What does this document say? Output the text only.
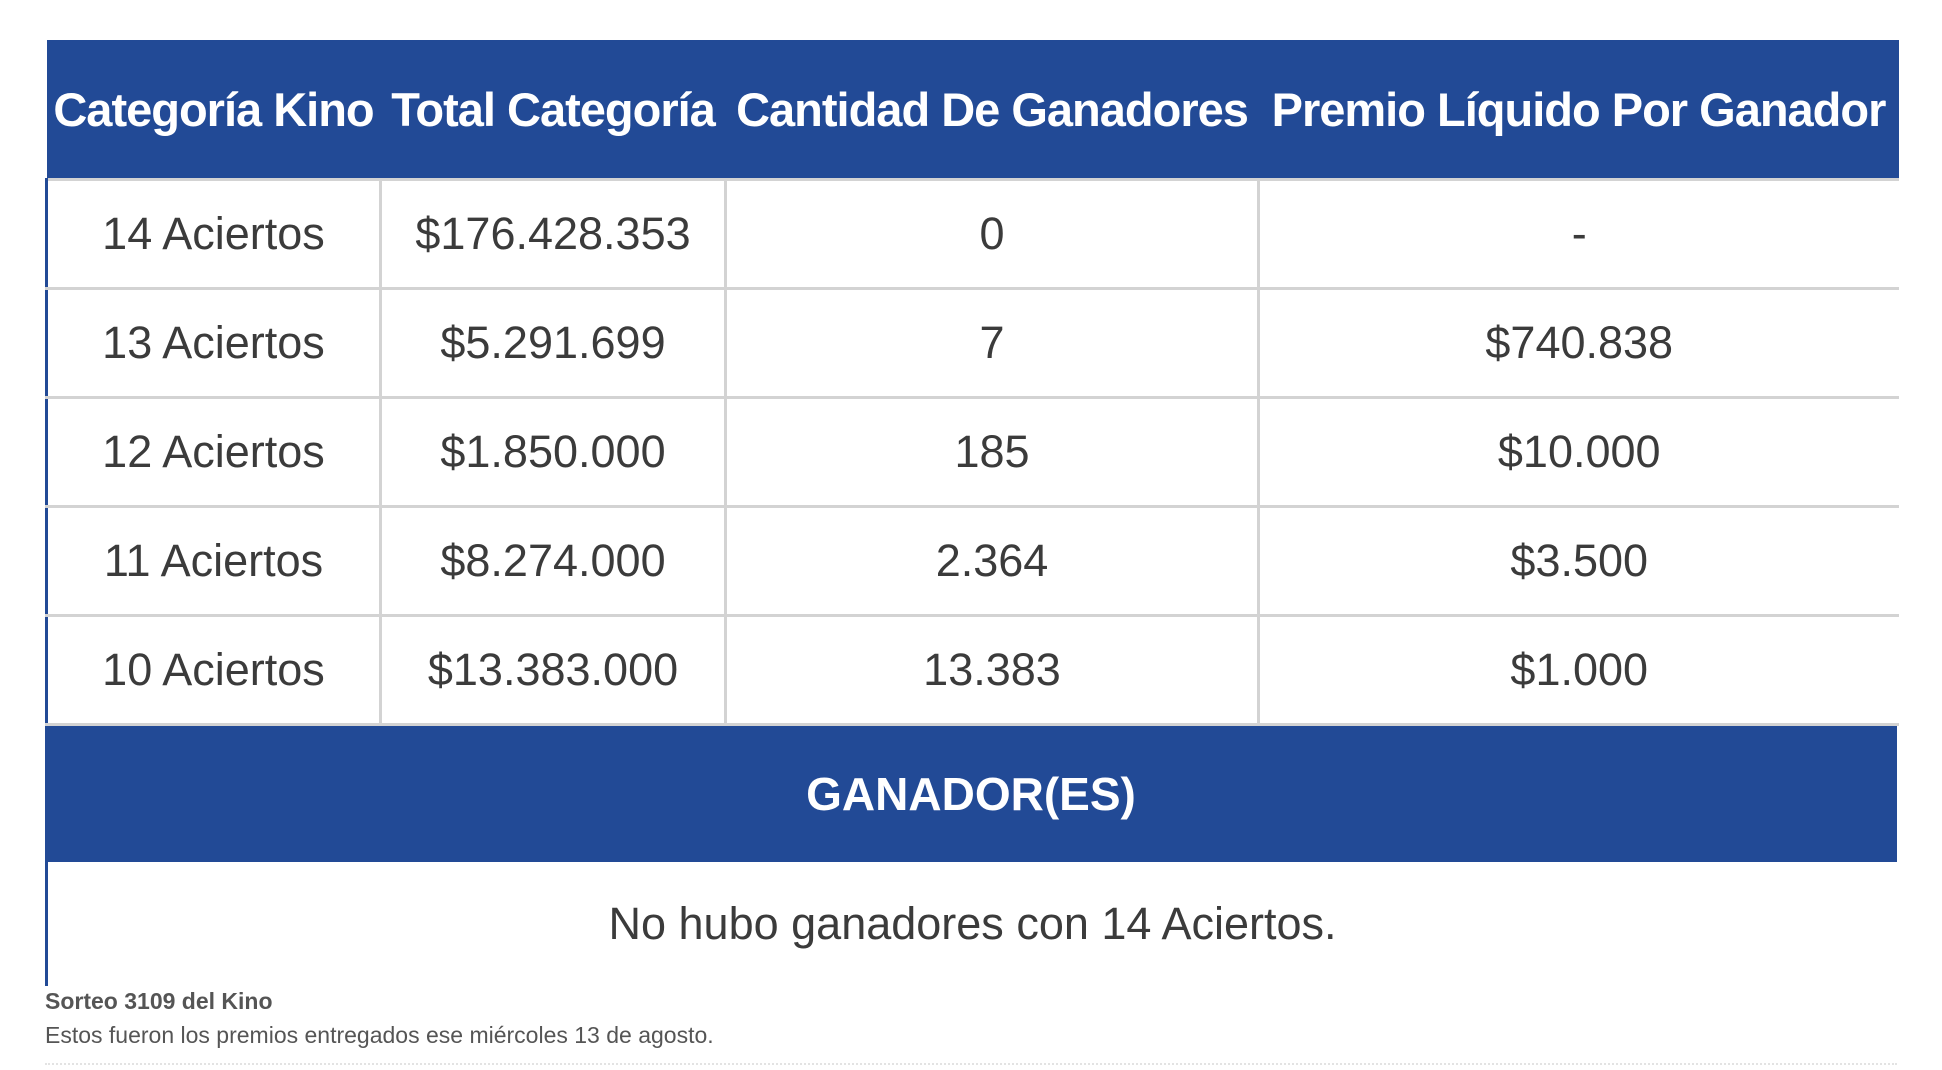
Categoría Kino	Total Categoría	Cantidad De Ganadores	Premio Líquido Por Ganador
14 Aciertos	$176.428.353	0	-
13 Aciertos	$5.291.699	7	$740.838
12 Aciertos	$1.850.000	185	$10.000
11 Aciertos	$8.274.000	2.364	$3.500
10 Aciertos	$13.383.000	13.383	$1.000
GANADOR(ES)
No hubo ganadores con 14 Aciertos.
Sorteo 3109 del Kino
Estos fueron los premios entregados ese miércoles 13 de agosto.
